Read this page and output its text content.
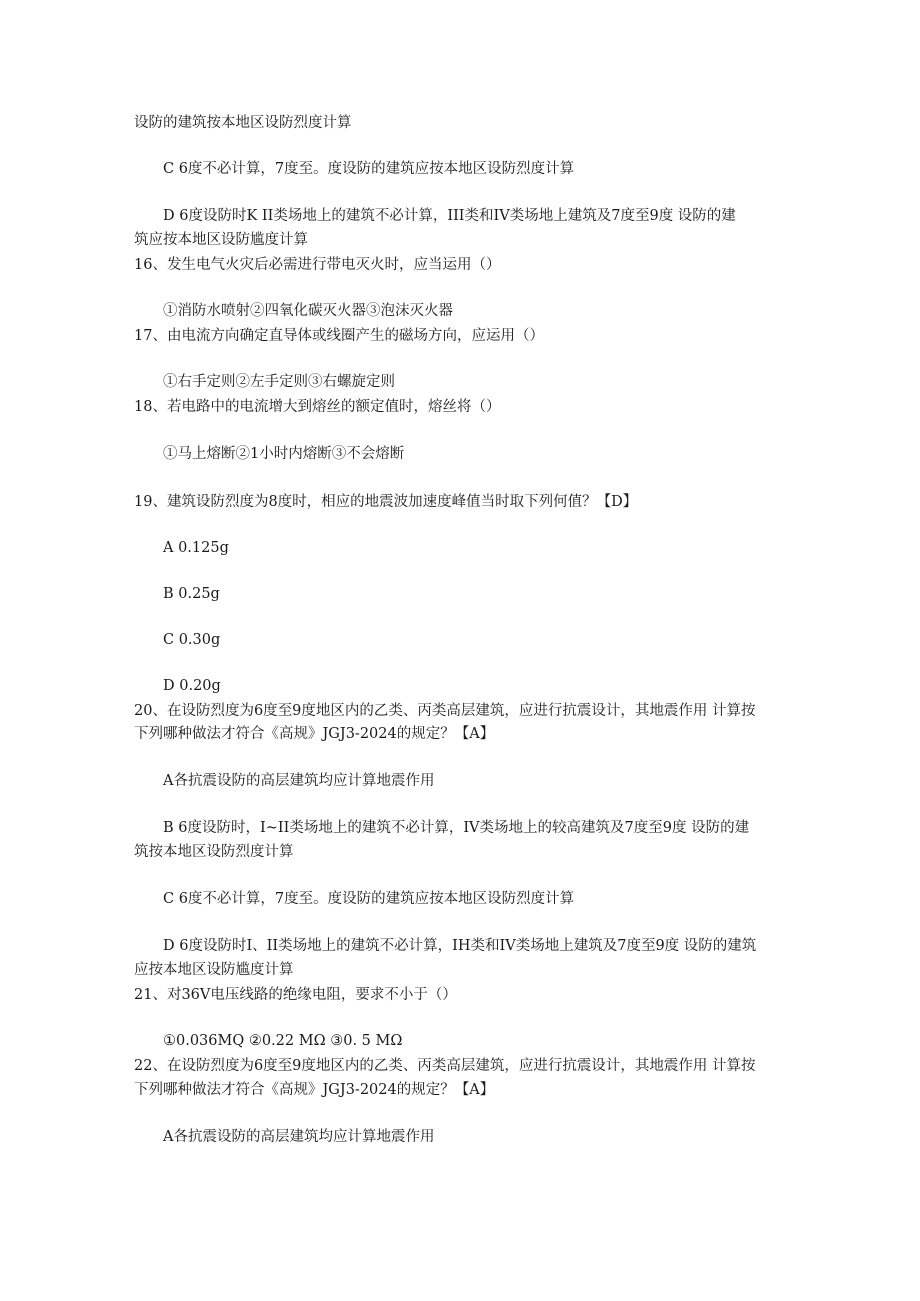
设防的建筑按本地区设防烈度计算
C 6度不必计算，7度至。度设防的建筑应按本地区设防烈度计算
D 6度设防时K II类场地上的建筑不必计算，III类和IV类场地上建筑及7度至9度 设防的建
筑应按本地区设防尴度计算
16、发生电气火灾后必需进行带电灭火时，应当运用（）
①消防水喷射②四氧化碳灭火器③泡沫灭火器
17、由电流方向确定直导体或线圈产生的磁场方向，应运用（）
①右手定则②左手定则③右螺旋定则
18、若电路中的电流增大到熔丝的额定值时，熔丝将（）
①马上熔断②1小时内熔断③不会熔断
19、建筑设防烈度为8度时，相应的地震波加速度峰值当时取下列何值？【D】
A 0.125g
B 0.25g
C 0.30g
D 0.20g
20、在设防烈度为6度至9度地区内的乙类、丙类高层建筑，应进行抗震设计，其地震作用 计算按
下列哪种做法才符合《高规》JGJ3-2024的规定？【A】
A各抗震设防的高层建筑均应计算地震作用
B 6度设防时，I~II类场地上的建筑不必计算，IV类场地上的较高建筑及7度至9度 设防的建
筑按本地区设防烈度计算
C 6度不必计算，7度至。度设防的建筑应按本地区设防烈度计算
D 6度设防时I、II类场地上的建筑不必计算，IH类和IV类场地上建筑及7度至9度 设防的建筑
应按本地区设防尴度计算
21、对36V电压线路的绝缘电阻，要求不小于（）
①0.036MQ ②0.22 MΩ ③0. 5 MΩ
22、在设防烈度为6度至9度地区内的乙类、丙类高层建筑，应进行抗震设计，其地震作用 计算按
下列哪种做法才符合《高规》JGJ3-2024的规定？【A】
A各抗震设防的高层建筑均应计算地震作用
